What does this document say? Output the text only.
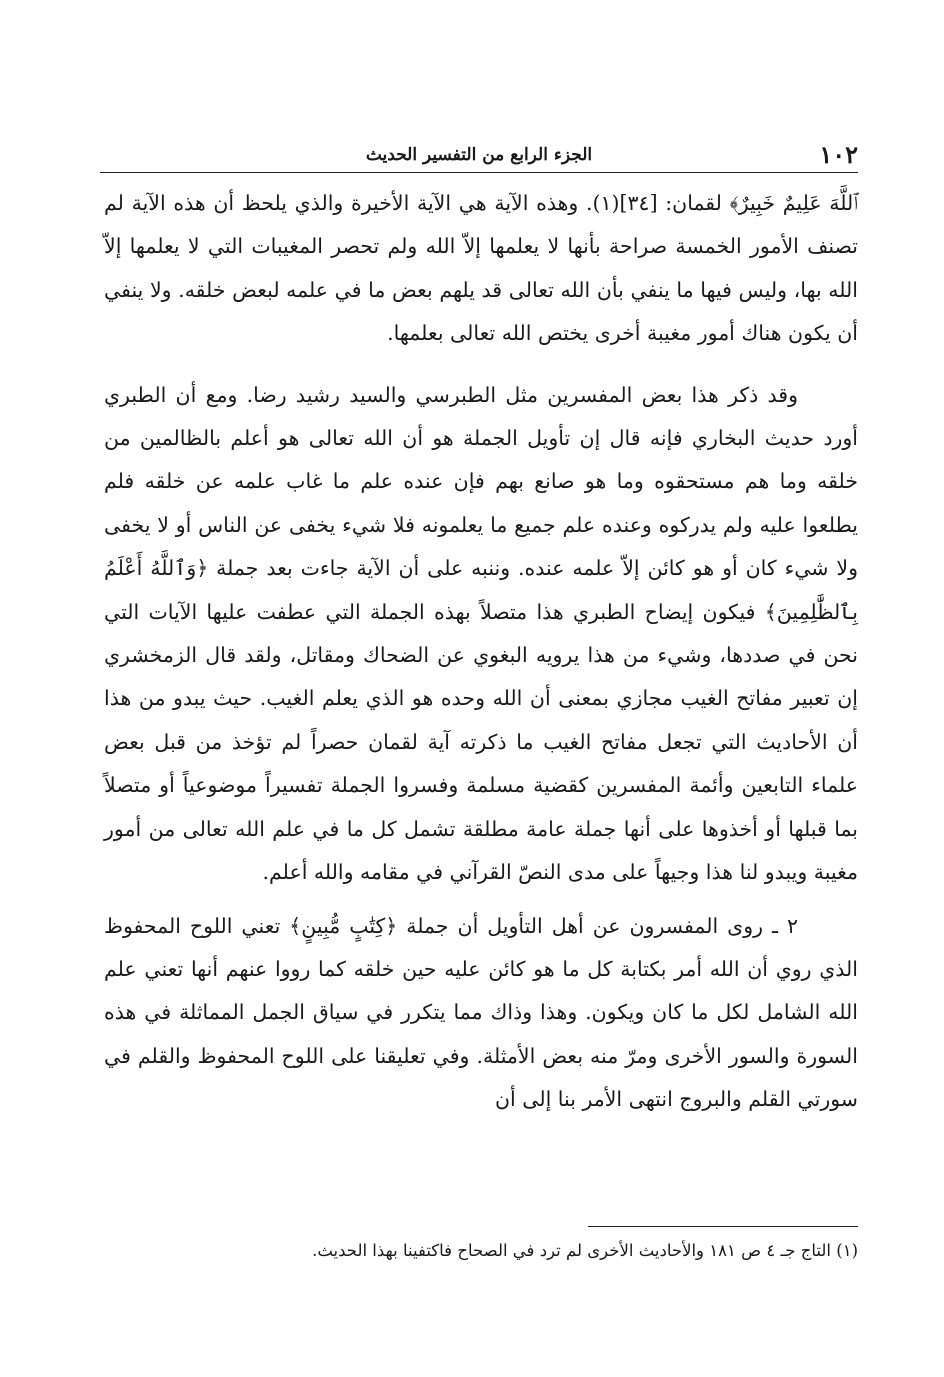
١٠٢
الجزء الرابع من التفسير الحديث

ﭐﻟﻠَّﻪَ ﻋَﻠِﻴﻢٌ ﺧَﺒِﻴﺮٌ﴾ لقمان: [٣٤](١). وهذه الآية هي الآية الأخيرة والذي يلحظ أن هذه الآية لم تصنف الأمور الخمسة صراحة بأنها لا يعلمها إلاّ الله ولم تحصر المغيبات التي لا يعلمها إلاّ الله بها، وليس فيها ما ينفي بأن الله تعالى قد يلهم بعض ما في علمه لبعض خلقه. ولا ينفي أن يكون هناك أمور مغيبة أخرى يختص الله تعالى بعلمها.

وقد ذكر هذا بعض المفسرين مثل الطبرسي والسيد رشيد رضا. ومع أن الطبري أورد حديث البخاري فإنه قال إن تأويل الجملة هو أن الله تعالى هو أعلم بالظالمين من خلقه وما هم مستحقوه وما هو صانع بهم فإن عنده علم ما غاب علمه عن خلقه فلم يطلعوا عليه ولم يدركوه وعنده علم جميع ما يعلمونه فلا شيء يخفى عن الناس أو لا يخفى ولا شيء كان أو هو كائن إلاّ علمه عنده. وننبه على أن الآية جاءت بعد جملة ﴿وَٱللَّهُ أَعْلَمُ بِٱلظَّٰلِمِينَ﴾ فيكون إيضاح الطبري هذا متصلاً بهذه الجملة التي عطفت عليها الآيات التي نحن في صددها، وشيء من هذا يرويه البغوي عن الضحاك ومقاتل، ولقد قال الزمخشري إن تعبير مفاتح الغيب مجازي بمعنى أن الله وحده هو الذي يعلم الغيب. حيث يبدو من هذا أن الأحاديث التي تجعل مفاتح الغيب ما ذكرته آية لقمان حصراً لم تؤخذ من قبل بعض علماء التابعين وأئمة المفسرين كقضية مسلمة وفسروا الجملة تفسيراً موضوعياً أو متصلاً بما قبلها أو أخذوها على أنها جملة عامة مطلقة تشمل كل ما في علم الله تعالى من أمور مغيبة ويبدو لنا هذا وجيهاً على مدى النصّ القرآني في مقامه والله أعلم.

٢ ـ روى المفسرون عن أهل التأويل أن جملة ﴿كِتَٰبٍ مُّبِينٍ﴾ تعني اللوح المحفوظ الذي روي أن الله أمر بكتابة كل ما هو كائن عليه حين خلقه كما رووا عنهم أنها تعني علم الله الشامل لكل ما كان ويكون. وهذا وذاك مما يتكرر في سياق الجمل المماثلة في هذه السورة والسور الأخرى ومرّ منه بعض الأمثلة. وفي تعليقنا على اللوح المحفوظ والقلم في سورتي القلم والبروج انتهى الأمر بنا إلى أن

(١) التاج جـ ٤ ص ١٨١ والأحاديث الأخرى لم ترد في الصحاح فاكتفينا بهذا الحديث.
